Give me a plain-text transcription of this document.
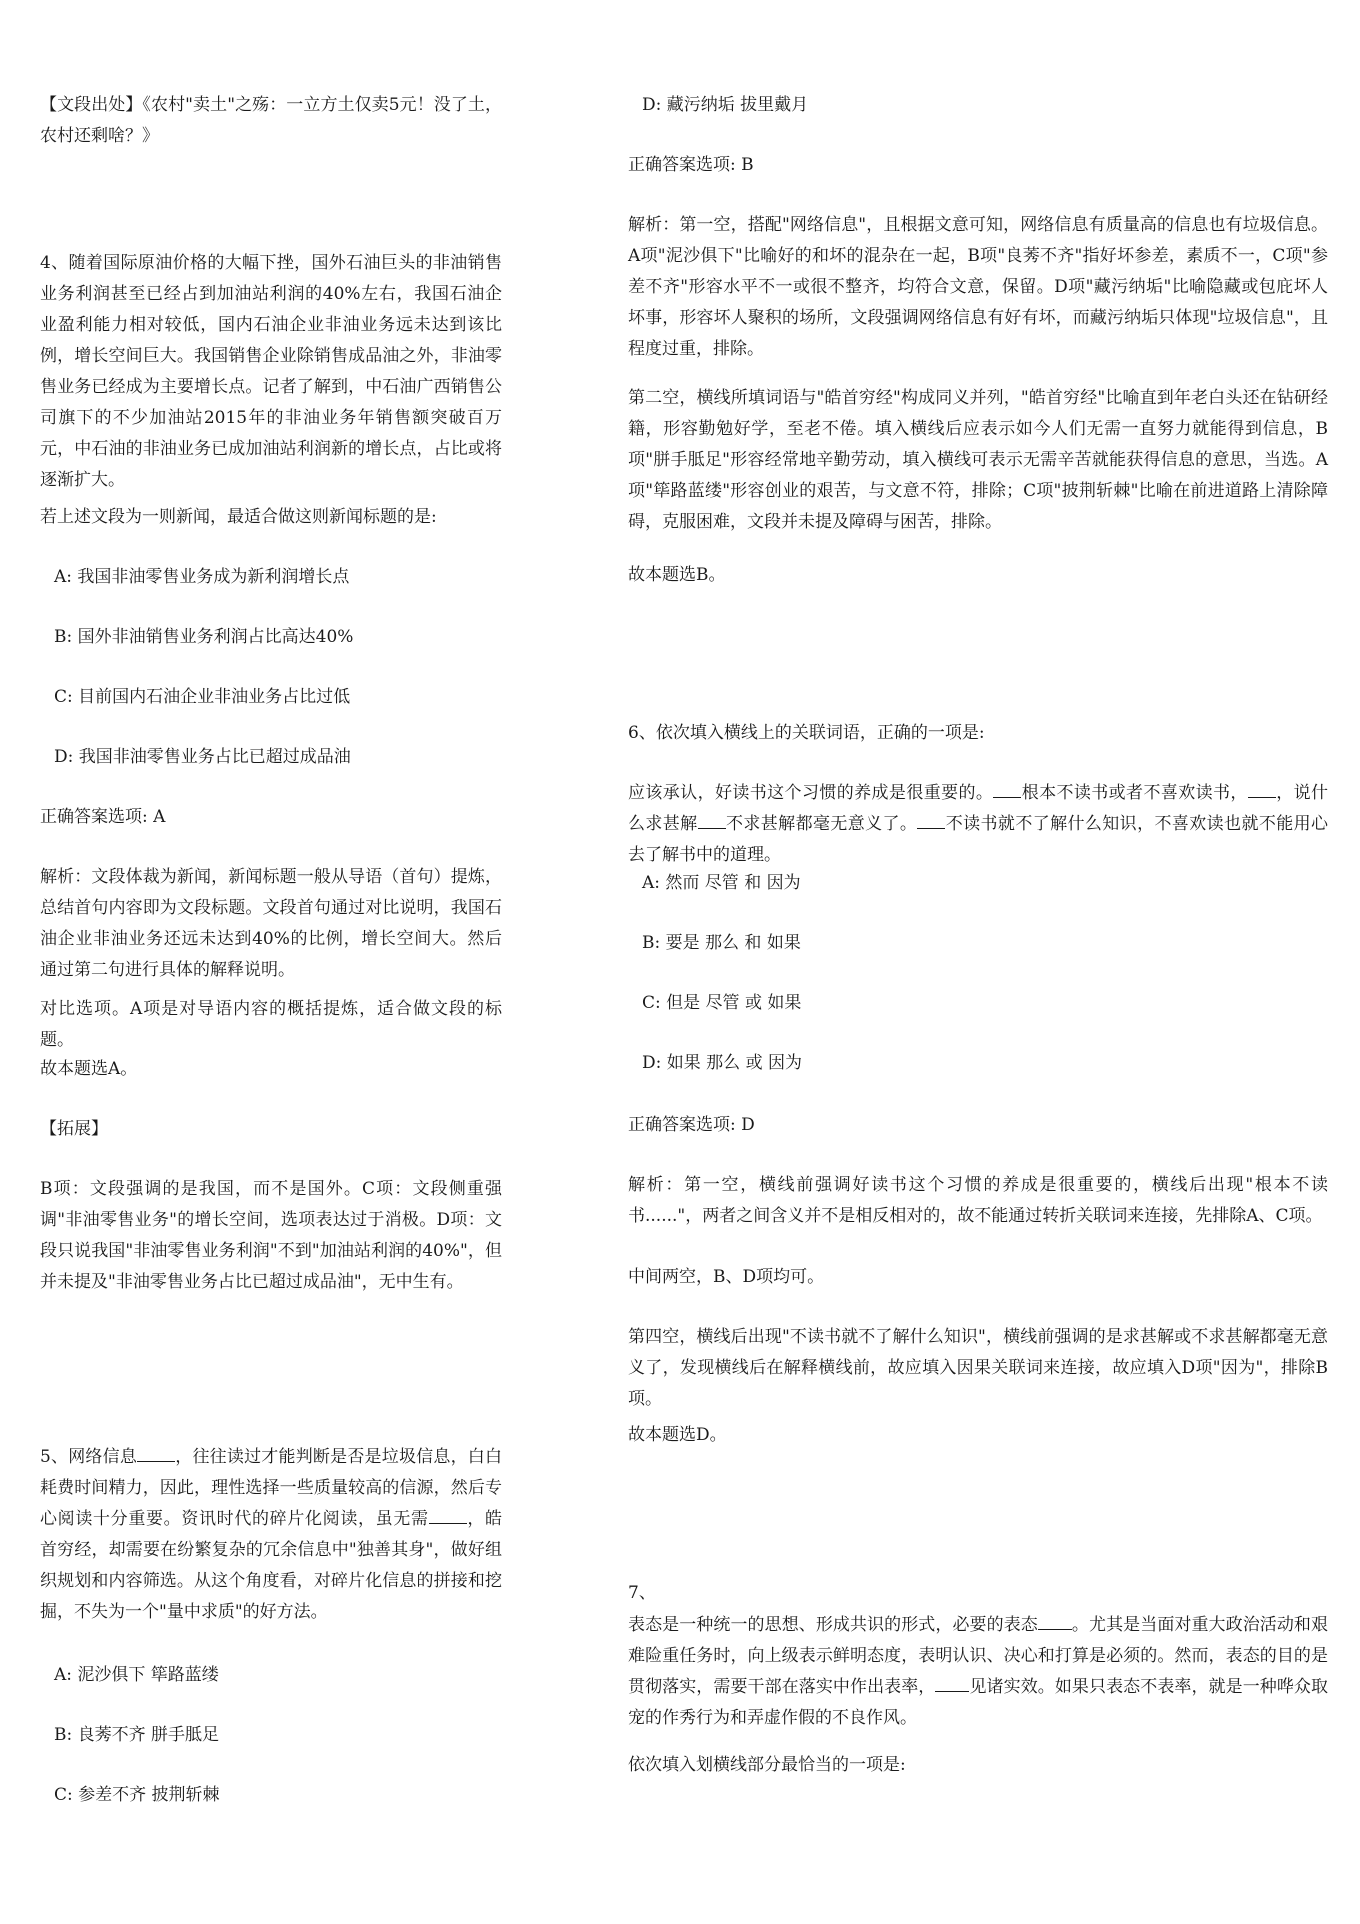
【文段出处】《农村"卖土"之殇：一立方土仅卖5元！没了土，农村还剩啥？》

4、随着国际原油价格的大幅下挫，国外石油巨头的非油销售业务利润甚至已经占到加油站利润的40%左右，我国石油企业盈利能力相对较低，国内石油企业非油业务远未达到该比例，增长空间巨大。我国销售企业除销售成品油之外，非油零售业务已经成为主要增长点。记者了解到，中石油广西销售公司旗下的不少加油站2015年的非油业务年销售额突破百万元，中石油的非油业务已成加油站利润新的增长点，占比或将逐渐扩大。

若上述文段为一则新闻，最适合做这则新闻标题的是:

A: 我国非油零售业务成为新利润增长点

B: 国外非油销售业务利润占比高达40%

C: 目前国内石油企业非油业务占比过低

D: 我国非油零售业务占比已超过成品油

正确答案选项: A

解析：文段体裁为新闻，新闻标题一般从导语（首句）提炼，总结首句内容即为文段标题。文段首句通过对比说明，我国石油企业非油业务还远未达到40%的比例，增长空间大。然后通过第二句进行具体的解释说明。

对比选项。A项是对导语内容的概括提炼，适合做文段的标题。

故本题选A。

【拓展】

B项：文段强调的是我国，而不是国外。C项：文段侧重强调"非油零售业务"的增长空间，选项表达过于消极。D项：文段只说我国"非油零售业务利润"不到"加油站利润的40%"，但并未提及"非油零售业务占比已超过成品油"，无中生有。

5、网络信息 ，往往读过才能判断是否是垃圾信息，白白耗费时间精力，因此，理性选择一些质量较高的信源，然后专心阅读十分重要。资讯时代的碎片化阅读，虽无需 ，皓首穷经，却需要在纷繁复杂的冗余信息中"独善其身"，做好组织规划和内容筛选。从这个角度看，对碎片化信息的拼接和挖掘，不失为一个"量中求质"的好方法。

A: 泥沙俱下 筚路蓝缕

B: 良莠不齐 胼手胝足

C: 参差不齐 披荆斩棘

D: 藏污纳垢 拔里戴月

正确答案选项: B

解析：第一空，搭配"网络信息"，且根据文意可知，网络信息有质量高的信息也有垃圾信息。A项"泥沙俱下"比喻好的和坏的混杂在一起，B项"良莠不齐"指好坏参差，素质不一，C项"参差不齐"形容水平不一或很不整齐，均符合文意，保留。D项"藏污纳垢"比喻隐藏或包庇坏人坏事，形容坏人聚积的场所，文段强调网络信息有好有坏，而藏污纳垢只体现"垃圾信息"，且程度过重，排除。

第二空，横线所填词语与"皓首穷经"构成同义并列，"皓首穷经"比喻直到年老白头还在钻研经籍，形容勤勉好学，至老不倦。填入横线后应表示如今人们无需一直努力就能得到信息，B项"胼手胝足"形容经常地辛勤劳动，填入横线可表示无需辛苦就能获得信息的意思，当选。A项"筚路蓝缕"形容创业的艰苦，与文意不符，排除；C项"披荆斩棘"比喻在前进道路上清除障碍，克服困难，文段并未提及障碍与困苦，排除。

故本题选B。

6、依次填入横线上的关联词语，正确的一项是:

应该承认，好读书这个习惯的养成是很重要的。 根本不读书或者不喜欢读书， ，说什么求甚解 不求甚解都毫无意义了。 不读书就不了解什么知识，不喜欢读也就不能用心去了解书中的道理。

A: 然而 尽管 和 因为

B: 要是 那么 和 如果

C: 但是 尽管 或 如果

D: 如果 那么 或 因为

正确答案选项: D

解析：第一空，横线前强调好读书这个习惯的养成是很重要的，横线后出现"根本不读书......"，两者之间含义并不是相反相对的，故不能通过转折关联词来连接，先排除A、C项。

中间两空，B、D项均可。

第四空，横线后出现"不读书就不了解什么知识"，横线前强调的是求甚解或不求甚解都毫无意义了，发现横线后在解释横线前，故应填入因果关联词来连接，故应填入D项"因为"，排除B项。

故本题选D。

7、

表态是一种统一的思想、形成共识的形式，必要的表态 。尤其是当面对重大政治活动和艰难险重任务时，向上级表示鲜明态度，表明认识、决心和打算是必须的。然而，表态的目的是贯彻落实，需要干部在落实中作出表率， 见诸实效。如果只表态不表率，就是一种哗众取宠的作秀行为和弄虚作假的不良作风。

依次填入划横线部分最恰当的一项是:
